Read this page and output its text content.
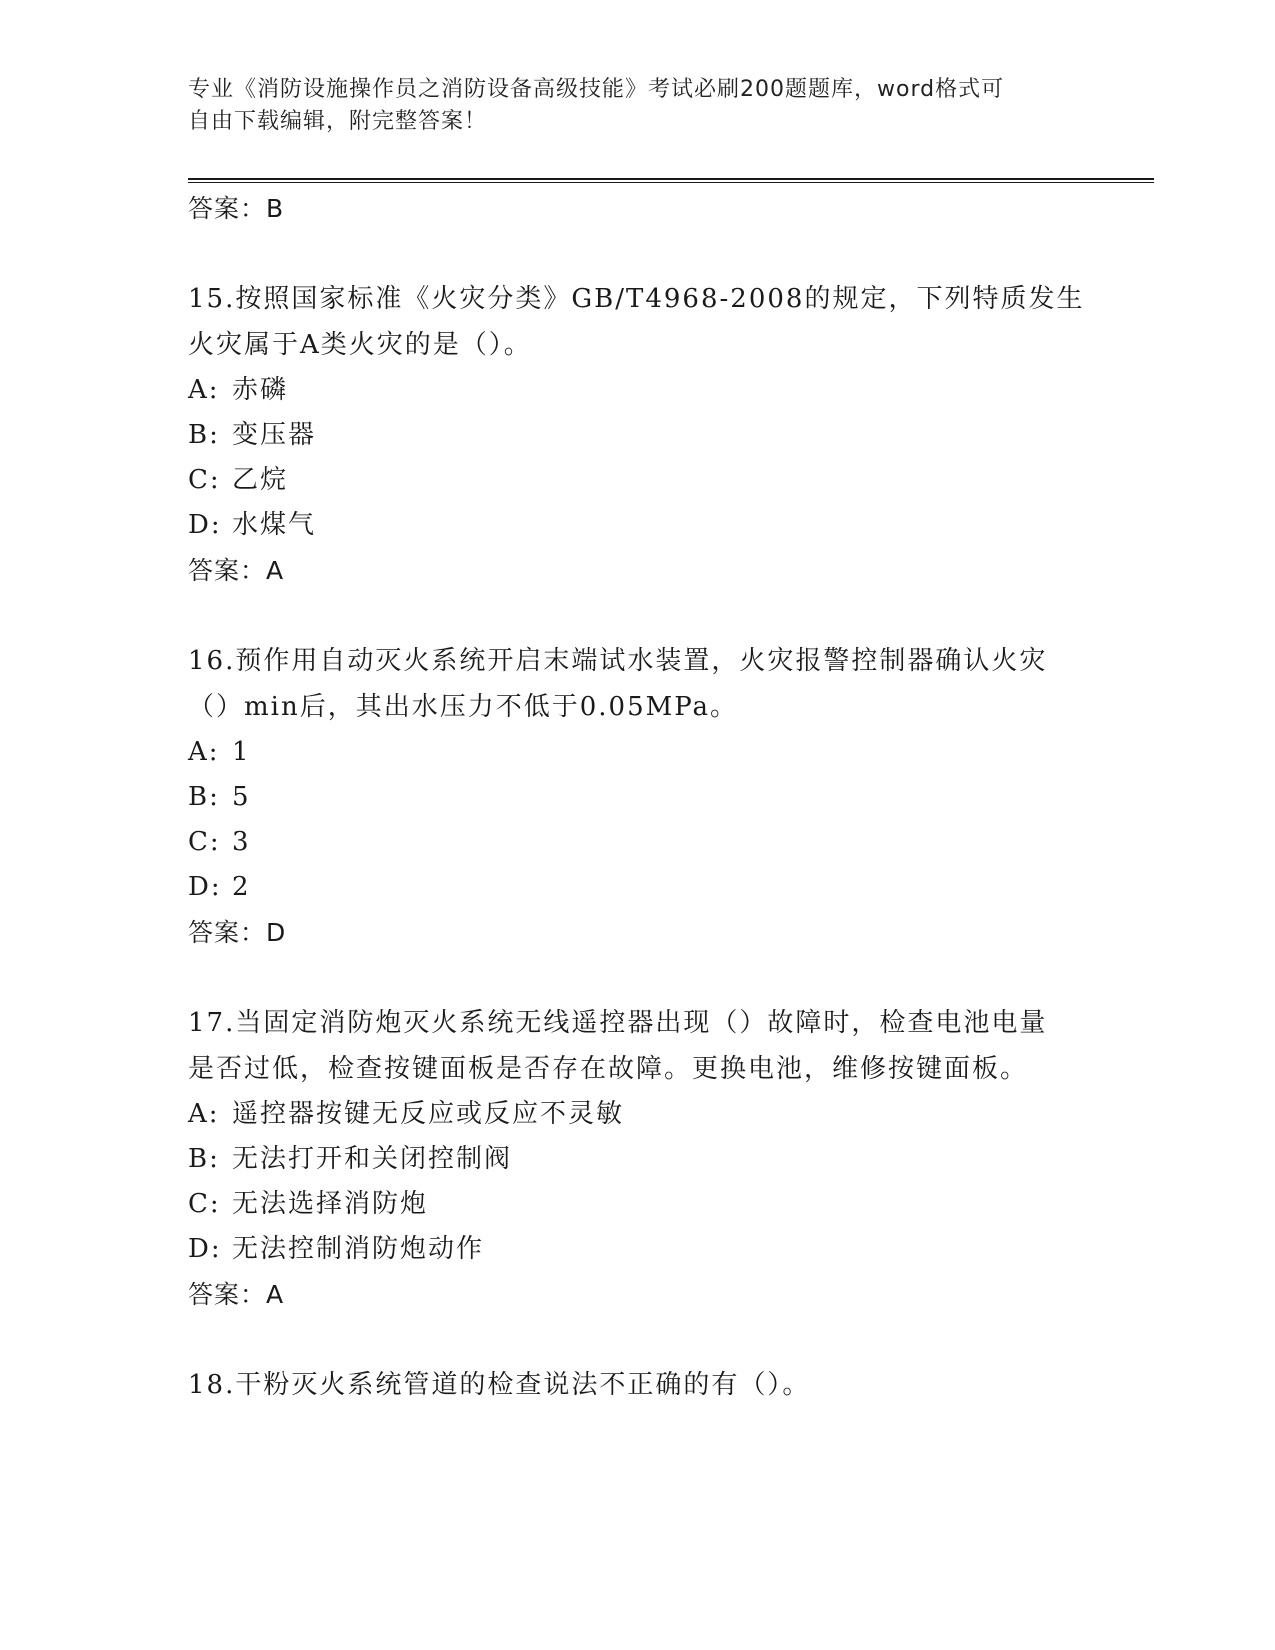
专业《消防设施操作员之消防设备高级技能》考试必刷200题题库，word格式可
自由下载编辑，附完整答案！
答案：B
15.按照国家标准《火灾分类》GB/T4968-2008的规定，下列特质发生
火灾属于A类火灾的是（）。
A: 赤磷
B: 变压器
C: 乙烷
D: 水煤气
答案：A
16.预作用自动灭火系统开启末端试水装置，火灾报警控制器确认火灾
（）min后，其出水压力不低于0.05MPa。
A: 1
B: 5
C: 3
D: 2
答案：D
17.当固定消防炮灭火系统无线遥控器出现（）故障时，检查电池电量
是否过低，检查按键面板是否存在故障。更换电池，维修按键面板。
A: 遥控器按键无反应或反应不灵敏
B: 无法打开和关闭控制阀
C: 无法选择消防炮
D: 无法控制消防炮动作
答案：A
18.干粉灭火系统管道的检查说法不正确的有（）。
